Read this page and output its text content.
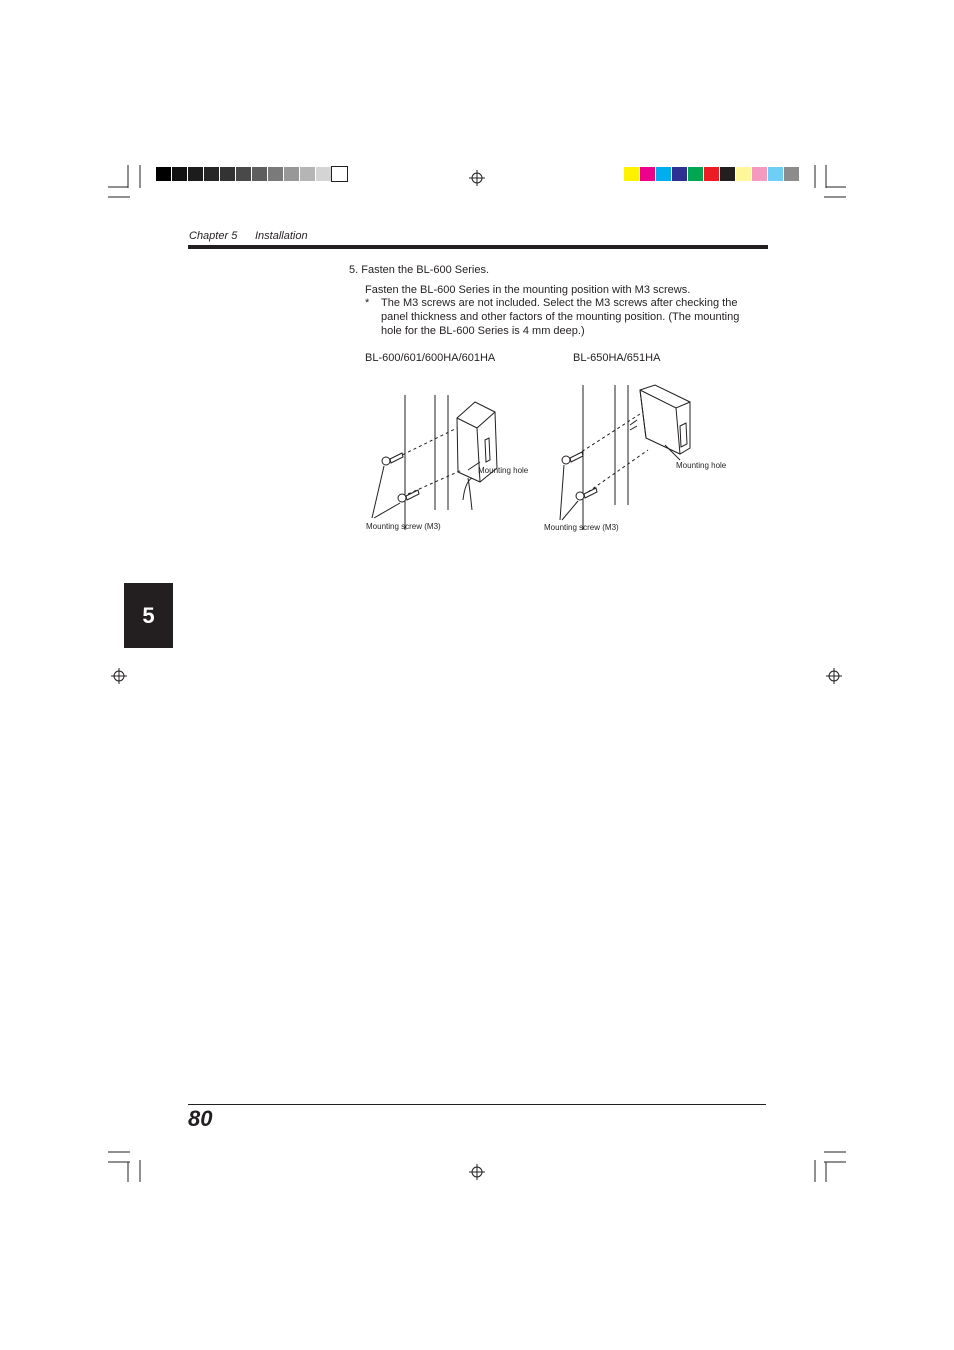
Chapter 5 Installation
5. Fasten the BL-600 Series.
Fasten the BL-600 Series in the mounting position with M3 screws.
* The M3 screws are not included. Select the M3 screws after checking the
panel thickness and other factors of the mounting position. (The mounting
hole for the BL-600 Series is 4 mm deep.)
BL-600/601/600HA/601HA	BL-650HA/651HA
Mounting hole
Mounting screw (M3)
Mounting hole
Mounting screw (M3)
5
80
